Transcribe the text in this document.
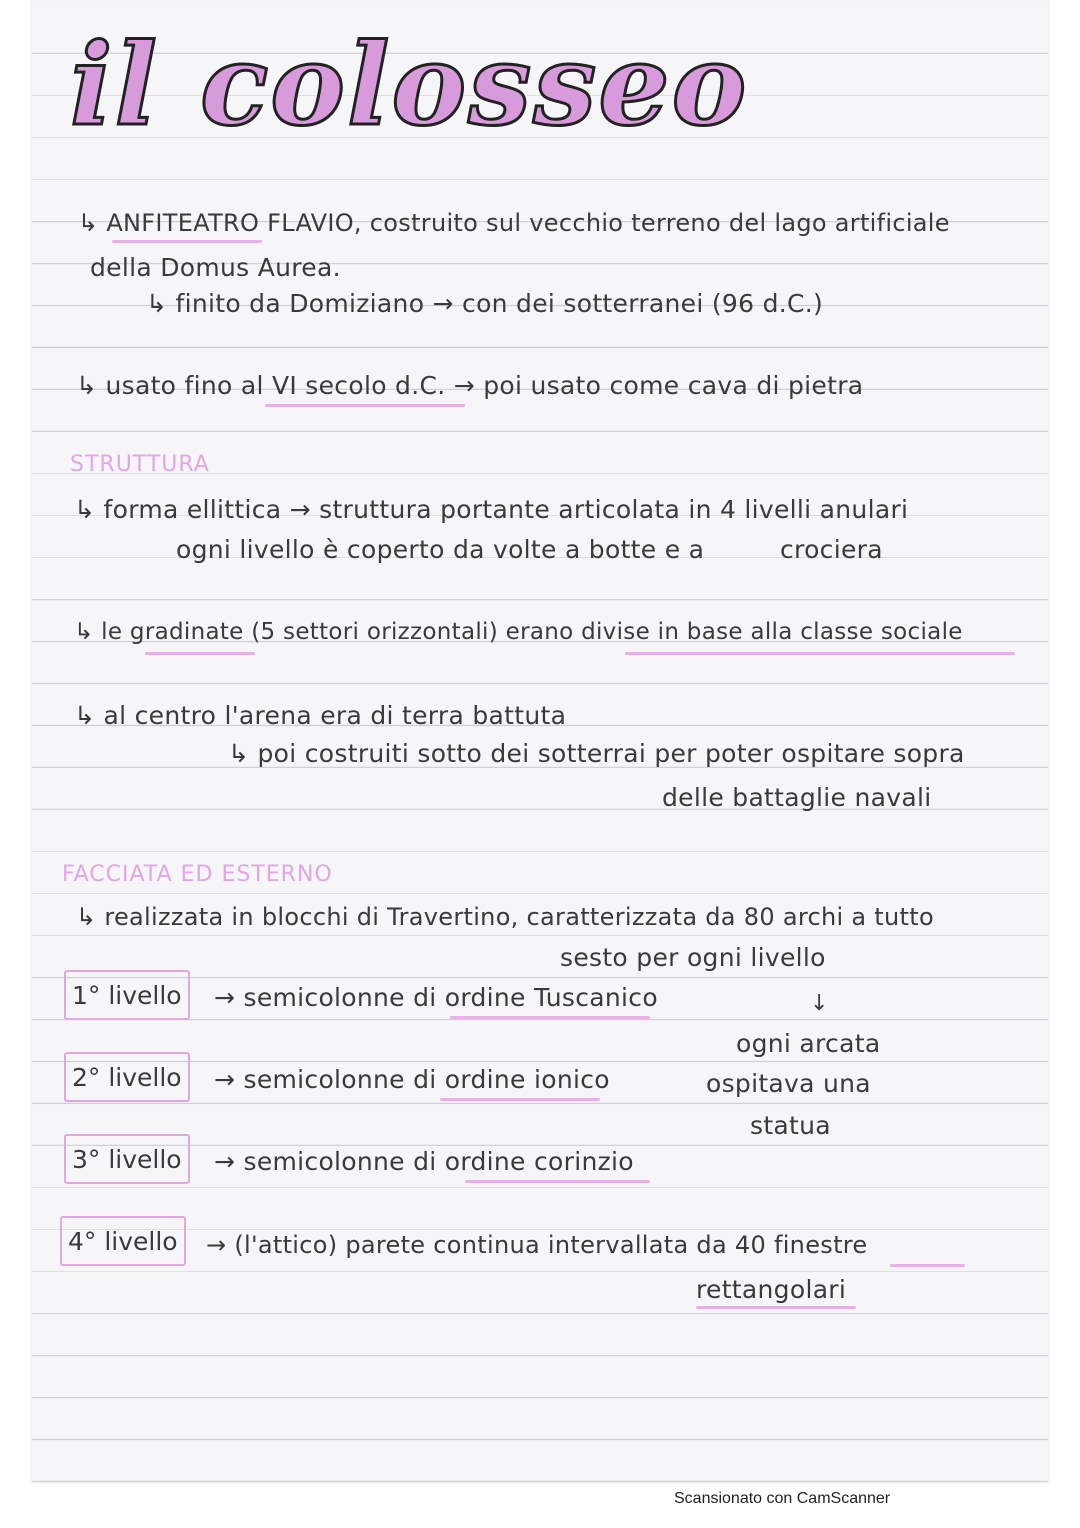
il colosseo

↳ ANFITEATRO FLAVIO, costruito sul vecchio terreno del lago artificiale

della Domus Aurea.

↳ finito da Domiziano → con dei sotterranei (96 d.C.)

↳ usato fino al VI secolo d.C. → poi usato come cava di pietra

STRUTTURA

↳ forma ellittica → struttura portante articolata in 4 livelli anulari

ogni livello è coperto da volte a botte e a	crociera

↳ le gradinate (5 settori orizzontali) erano divise in base alla classe sociale

↳ al centro l'arena era di terra battuta

↳ poi costruiti sotto dei sotterrai per poter ospitare sopra

delle battaglie navali

FACCIATA ED ESTERNO

↳ realizzata in blocchi di Travertino, caratterizzata da 80 archi a tutto

sesto per ogni livello

1° livello	→ semicolonne di ordine Tuscanico

2° livello	→ semicolonne di ordine ionico

3° livello	→ semicolonne di ordine corinzio

4° livello	→ (l'attico) parete continua intervallata da 40 finestre

rettangolari

↓

ogni arcata

ospitava una

statua

Scansionato con CamScanner
